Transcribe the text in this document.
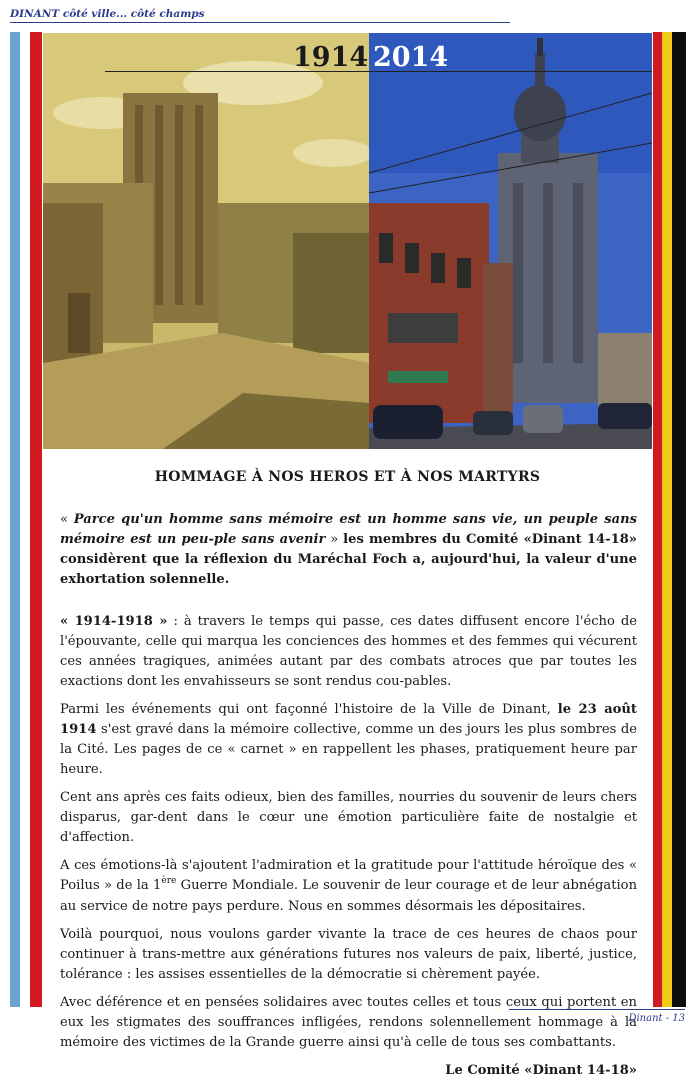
DINANT côté ville... côté champs
1914 2014
HOMMAGE À NOS HEROS ET À NOS MARTYRS

« Parce qu'un homme sans mémoire est un homme sans vie, un peuple sans mémoire est un peu-ple sans avenir » les membres du Comité «Dinant 14-18» considèrent que la réflexion du Maréchal Foch a, aujourd'hui, la valeur d'une exhortation solennelle.

« 1914-1918 » : à travers le temps qui passe, ces dates diffusent encore l'écho de l'épouvante, celle qui marqua les conciences des hommes et des femmes qui vécurent ces années tragiques, animées autant par des combats atroces que par toutes les exactions dont les envahisseurs se sont rendus cou-pables.

Parmi les événements qui ont façonné l'histoire de la Ville de Dinant, le 23 août 1914 s'est gravé dans la mémoire collective, comme un des jours les plus sombres de la Cité. Les pages de ce « carnet » en rappellent les phases, pratiquement heure par heure.

Cent ans après ces faits odieux, bien des familles, nourries du souvenir de leurs chers disparus, gar-dent dans le cœur une émotion particulière faite de nostalgie et d'affection.

A ces émotions-là s'ajoutent l'admiration et la gratitude pour l'attitude héroïque des « Poilus » de la 1ère Guerre Mondiale. Le souvenir de leur courage et de leur abnégation au service de notre pays perdure. Nous en sommes désormais les dépositaires.

Voilà pourquoi, nous voulons garder vivante la trace de ces heures de chaos pour continuer à trans-mettre aux générations futures nos valeurs de paix, liberté, justice, tolérance : les assises essentielles de la démocratie si chèrement payée.

Avec déférence et en pensées solidaires avec toutes celles et tous ceux qui portent en eux les stigmates des souffrances infligées, rendons solennellement hommage à la mémoire des victimes de la Grande guerre ainsi qu'à celle de tous ses combattants.

Le Comité «Dinant 14-18»

Dinant - 13
